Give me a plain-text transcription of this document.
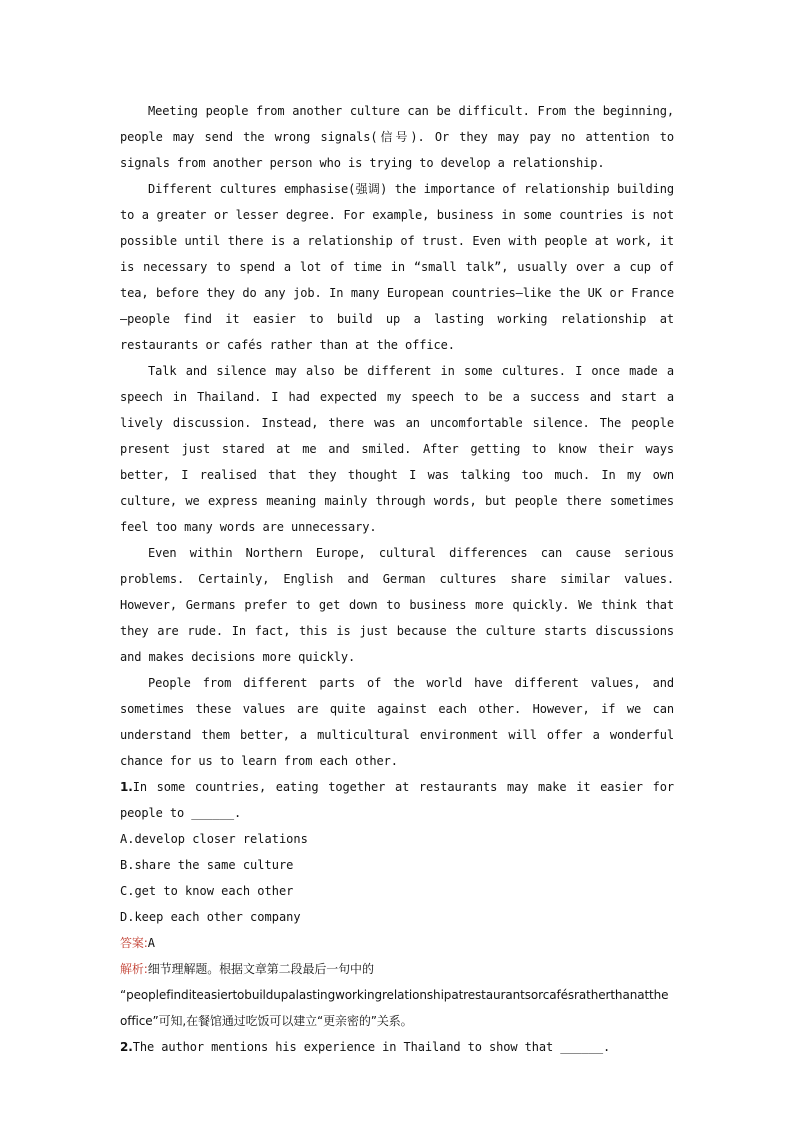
Meeting people from another culture can be difficult. From the beginning, people may send the wrong signals(信号). Or they may pay no attention to signals from another person who is trying to develop a relationship.

Different cultures emphasise(强调) the importance of relationship building to a greater or lesser degree. For example, business in some countries is not possible until there is a relationship of trust. Even with people at work, it is necessary to spend a lot of time in “small talk”, usually over a cup of tea, before they do any job. In many European countries—like the UK or France—people find it easier to build up a lasting working relationship at restaurants or cafés rather than at the office.

Talk and silence may also be different in some cultures. I once made a speech in Thailand. I had expected my speech to be a success and start a lively discussion. Instead, there was an uncomfortable silence. The people present just stared at me and smiled. After getting to know their ways better, I realised that they thought I was talking too much. In my own culture, we express meaning mainly through words, but people there sometimes feel too many words are unnecessary.

Even within Northern Europe, cultural differences can cause serious problems. Certainly, English and German cultures share similar values. However, Germans prefer to get down to business more quickly. We think that they are rude. In fact, this is just because the culture starts discussions and makes decisions more quickly.

People from different parts of the world have different values, and sometimes these values are quite against each other. However, if we can understand them better, a multicultural environment will offer a wonderful chance for us to learn from each other.

1.In some countries, eating together at restaurants may make it easier for people to ______.

A.develop closer relations
B.share the same culture
C.get to know each other
D.keep each other company
答案:A
解析:细节理解题。根据文章第二段最后一句中的
“peoplefinditeasiertobuildupalastingworkingrelationshipatrestaurantsorcafésratherthanattheoffice”可知,在餐馆通过吃饭可以建立“更亲密的”关系。

2.The author mentions his experience in Thailand to show that ______.
